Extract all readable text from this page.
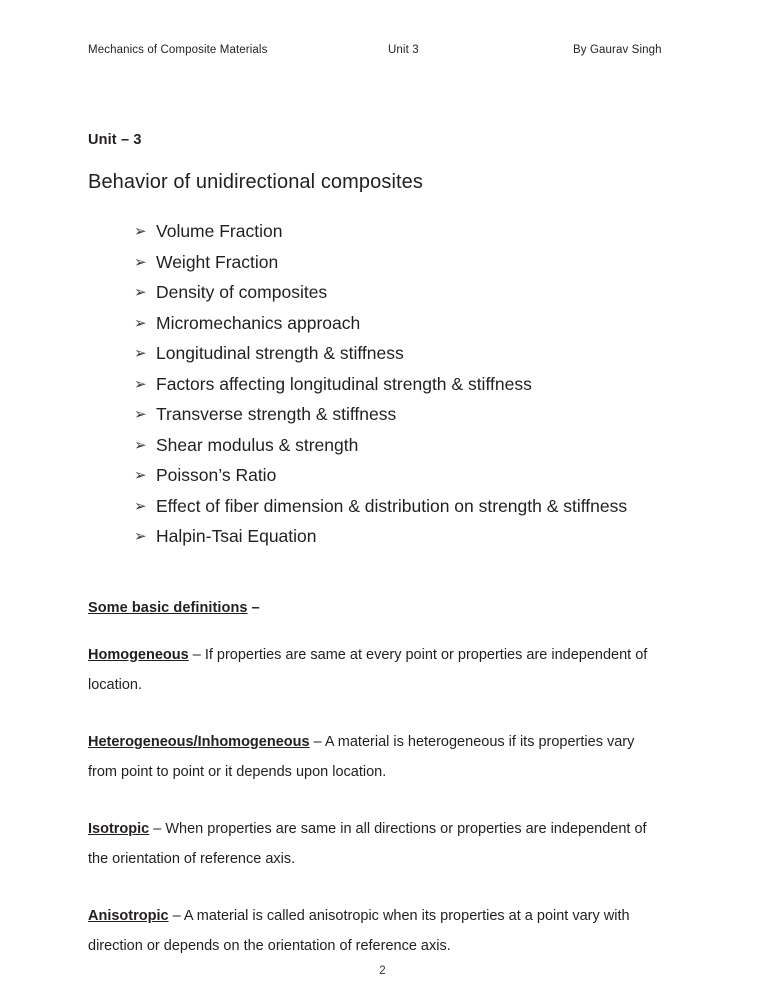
Mechanics of Composite Materials	Unit 3	By Gaurav Singh

Unit – 3

Behavior of unidirectional composites
➢ Volume Fraction
➢ Weight Fraction
➢ Density of composites
➢ Micromechanics approach
➢ Longitudinal strength & stiffness
➢ Factors affecting longitudinal strength & stiffness
➢ Transverse strength & stiffness
➢ Shear modulus & strength
➢ Poisson’s Ratio
➢ Effect of fiber dimension & distribution on strength & stiffness
➢ Halpin-Tsai Equation

Some basic definitions –

Homogeneous – If properties are same at every point or properties are independent of location.

Heterogeneous/Inhomogeneous – A material is heterogeneous if its properties vary from point to point or it depends upon location.

Isotropic – When properties are same in all directions or properties are independent of the orientation of reference axis.

Anisotropic – A material is called anisotropic when its properties at a point vary with direction or depends on the orientation of reference axis.

2
